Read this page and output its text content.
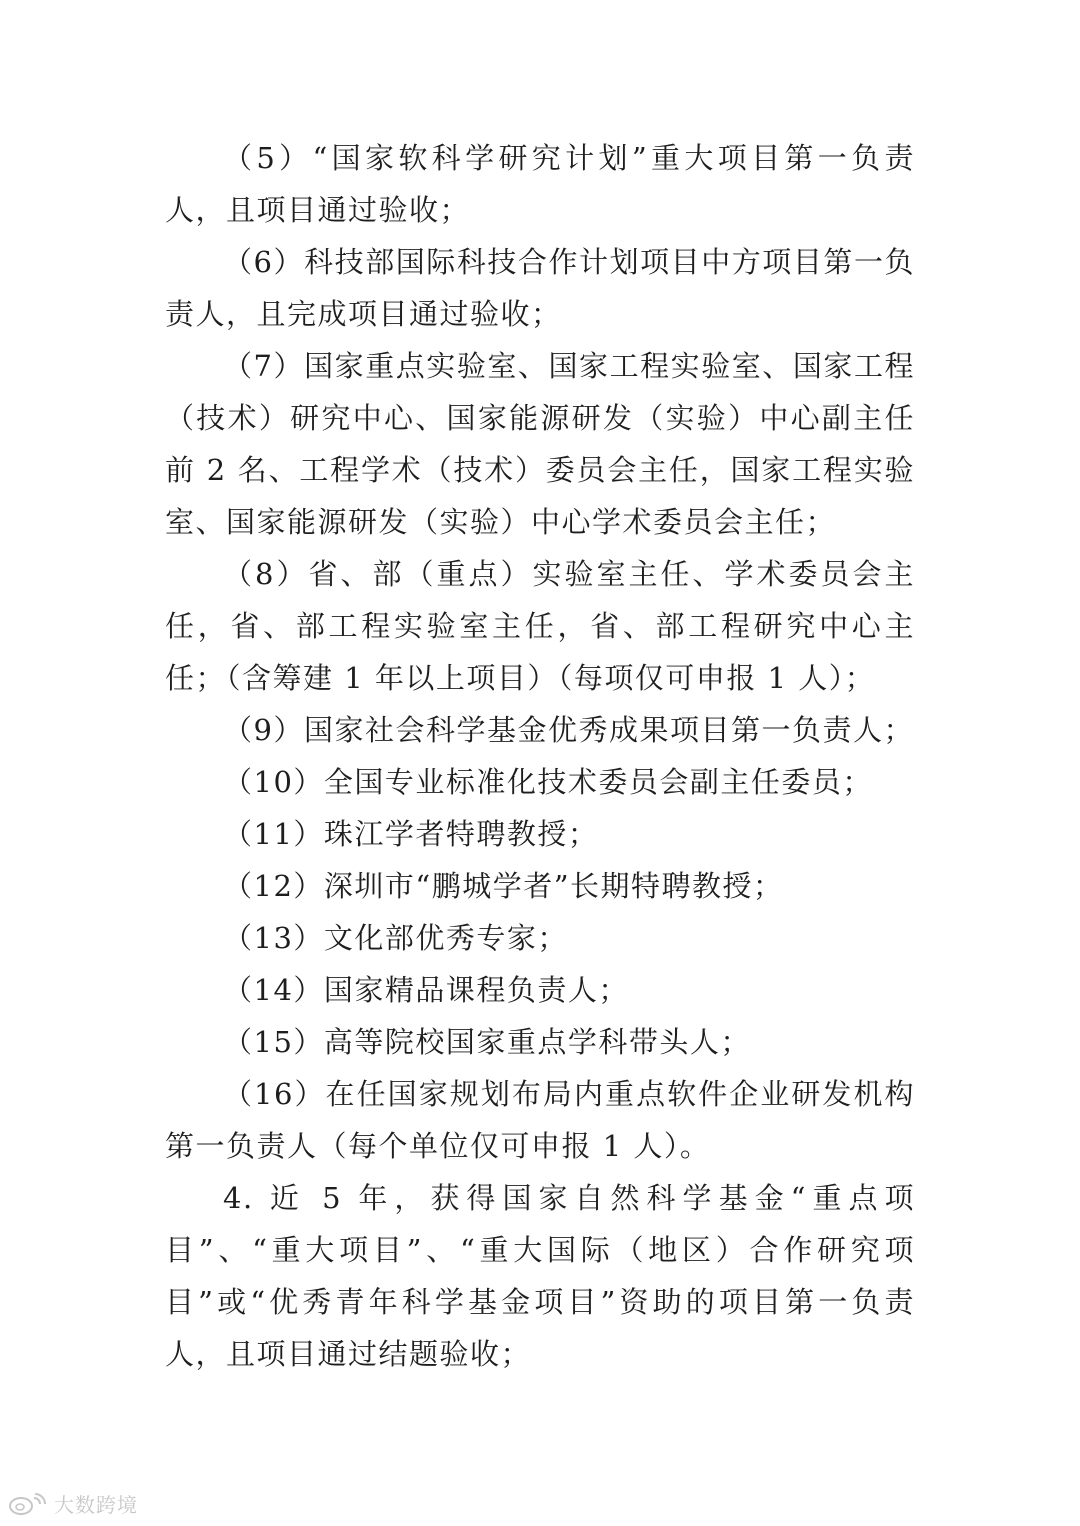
（5）“国家软科学研究计划”重大项目第一负责人，且项目通过验收；

（6）科技部国际科技合作计划项目中方项目第一负责人，且完成项目通过验收；

（7）国家重点实验室、国家工程实验室、国家工程（技术）研究中心、国家能源研发（实验）中心副主任前 2 名、工程学术（技术）委员会主任，国家工程实验室、国家能源研发（实验）中心学术委员会主任；

（8）省、部（重点）实验室主任、学术委员会主任，省、部工程实验室主任，省、部工程研究中心主任；（含筹建 1 年以上项目）（每项仅可申报 1 人）；

（9）国家社会科学基金优秀成果项目第一负责人；

（10）全国专业标准化技术委员会副主任委员；

（11）珠江学者特聘教授；

（12）深圳市“鹏城学者”长期特聘教授；

（13）文化部优秀专家；

（14）国家精品课程负责人；

（15）高等院校国家重点学科带头人；

（16）在任国家规划布局内重点软件企业研发机构第一负责人（每个单位仅可申报 1 人）。

4. 近 5 年，获得国家自然科学基金“重点项目”、“重大项目”、“重大国际（地区）合作研究项目”或“优秀青年科学基金项目”资助的项目第一负责人，且项目通过结题验收；

大数跨境
